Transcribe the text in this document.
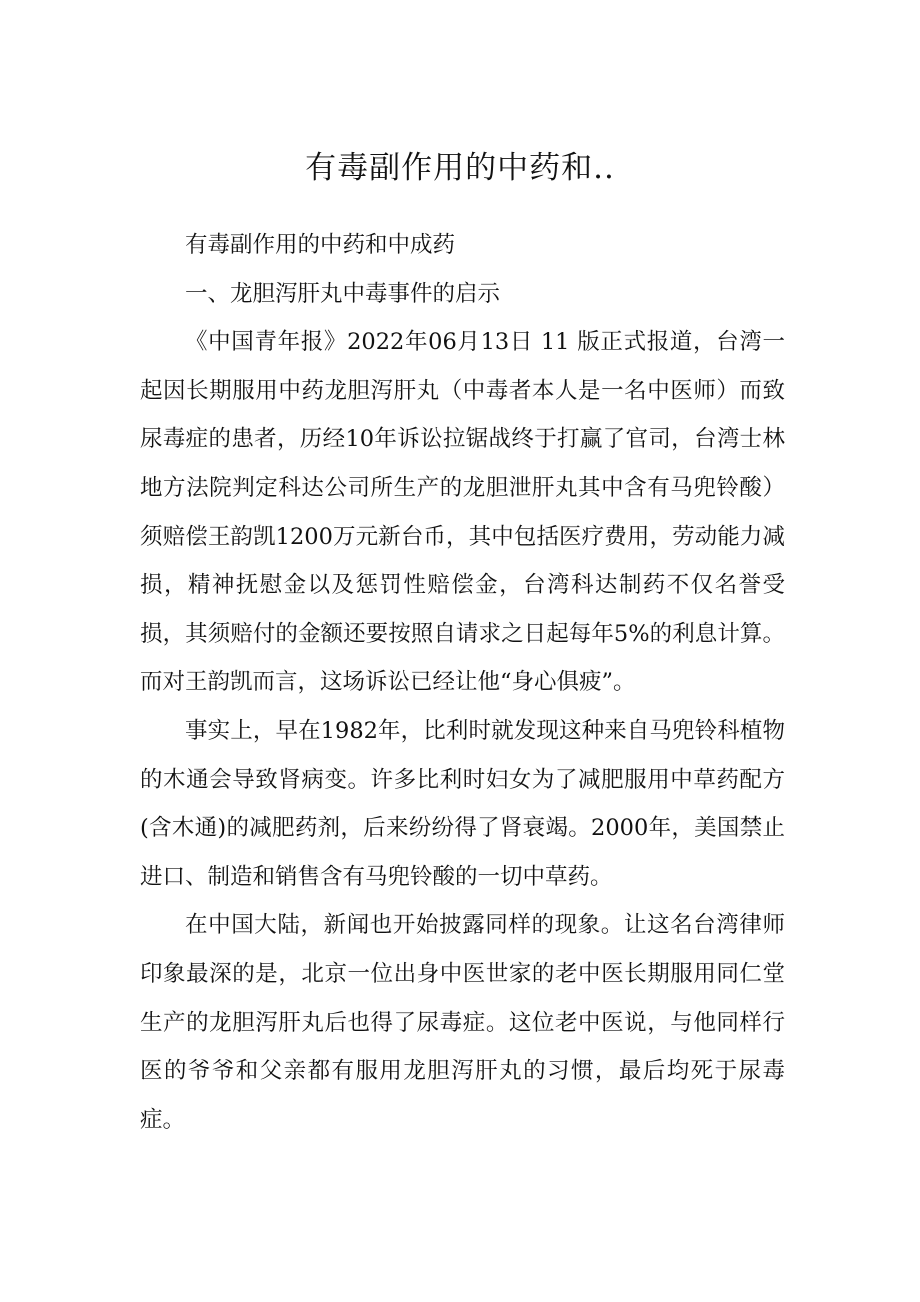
有毒副作用的中药和..

有毒副作用的中药和中成药

一、龙胆泻肝丸中毒事件的启示

《中国青年报》2022年06月13日 11 版正式报道，台湾一起因长期服用中药龙胆泻肝丸（中毒者本人是一名中医师）而致尿毒症的患者，历经10年诉讼拉锯战终于打赢了官司，台湾士林地方法院判定科达公司所生产的龙胆泄肝丸其中含有马兜铃酸）须赔偿王韵凯1200万元新台币，其中包括医疗费用，劳动能力减损，精神抚慰金以及惩罚性赔偿金，台湾科达制药不仅名誉受损，其须赔付的金额还要按照自请求之日起每年5%的利息计算。而对王韵凯而言，这场诉讼已经让他“身心俱疲”。

事实上，早在1982年，比利时就发现这种来自马兜铃科植物的木通会导致肾病变。许多比利时妇女为了减肥服用中草药配方(含木通)的减肥药剂，后来纷纷得了肾衰竭。2000年，美国禁止进口、制造和销售含有马兜铃酸的一切中草药。

在中国大陆，新闻也开始披露同样的现象。让这名台湾律师印象最深的是，北京一位出身中医世家的老中医长期服用同仁堂生产的龙胆泻肝丸后也得了尿毒症。这位老中医说，与他同样行医的爷爷和父亲都有服用龙胆泻肝丸的习惯，最后均死于尿毒症。
